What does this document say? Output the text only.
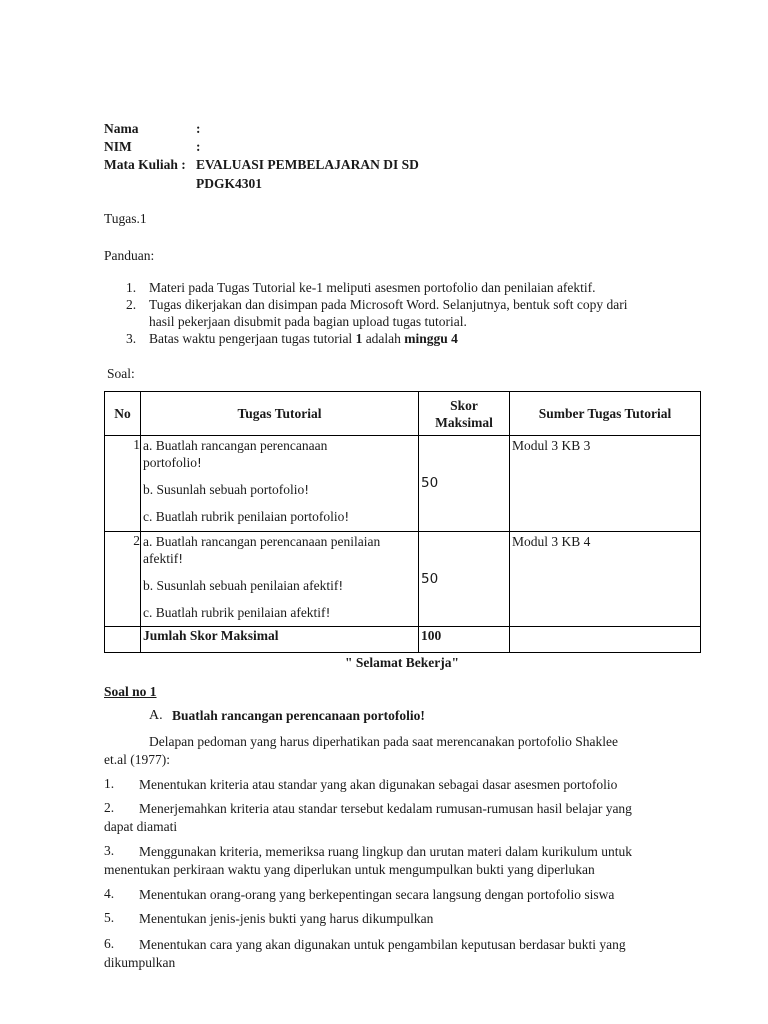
Nama	:
NIM	:
Mata Kuliah : EVALUASI PEMBELAJARAN DI SD
PDGK4301
Tugas.1
Panduan:
1. Materi pada Tugas Tutorial ke-1 meliputi asesmen portofolio dan penilaian afektif.
2. Tugas dikerjakan dan disimpan pada Microsoft Word. Selanjutnya, bentuk soft copy dari
hasil pekerjaan disubmit pada bagian upload tugas tutorial.
3. Batas waktu pengerjaan tugas tutorial 1 adalah minggu 4
Soal:
No	Tugas Tutorial	Skor
Maksimal	Sumber Tugas Tutorial
1	a. Buatlah rancangan perencanaan
portofolio!
b. Susunlah sebuah portofolio!
c. Buatlah rubrik penilaian portofolio!	50	Modul 3 KB 3
2	a. Buatlah rancangan perencanaan penilaian
afektif!
b. Susunlah sebuah penilaian afektif!
c. Buatlah rubrik penilaian afektif!	50	Modul 3 KB 4
	Jumlah Skor Maksimal	100	
" Selamat Bekerja"
Soal no 1
A. Buatlah rancangan perencanaan portofolio!
Delapan pedoman yang harus diperhatikan pada saat merencanakan portofolio Shaklee
et.al (1977):
1.	Menentukan kriteria atau standar yang akan digunakan sebagai dasar asesmen portofolio
2.	Menerjemahkan kriteria atau standar tersebut kedalam rumusan-rumusan hasil belajar yang
dapat diamati
3.	Menggunakan kriteria, memeriksa ruang lingkup dan urutan materi dalam kurikulum untuk
menentukan perkiraan waktu yang diperlukan untuk mengumpulkan bukti yang diperlukan
4.	Menentukan orang-orang yang berkepentingan secara langsung dengan portofolio siswa
5.	Menentukan jenis-jenis bukti yang harus dikumpulkan
6.	Menentukan cara yang akan digunakan untuk pengambilan keputusan berdasar bukti yang
dikumpulkan
